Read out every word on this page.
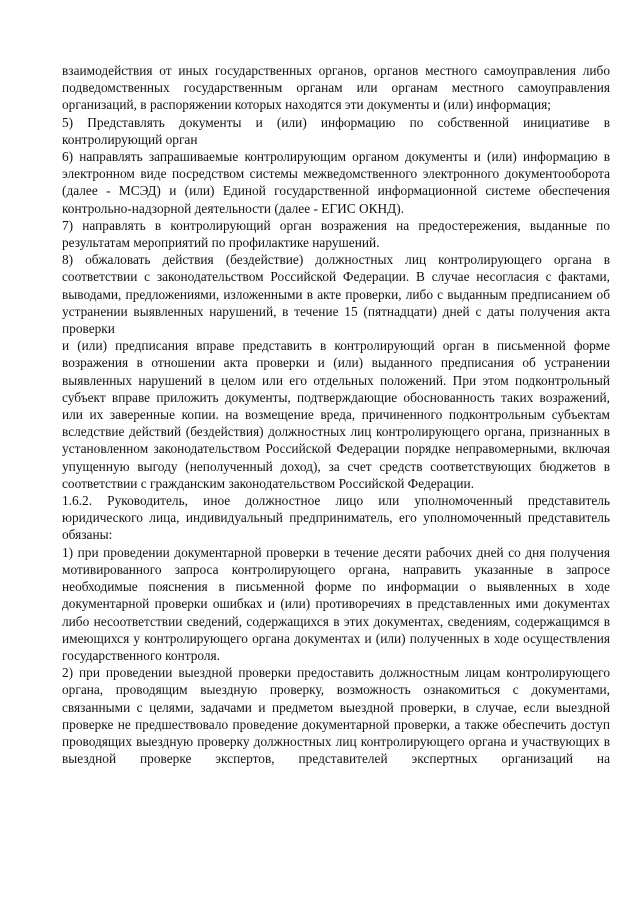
взаимодействия от иных государственных органов, органов местного самоуправления либо подведомственных государственным органам или органам местного самоуправления организаций, в распоряжении которых находятся эти документы и (или) информация;

5) Представлять документы и (или) информацию по собственной инициативе в контролирующий орган

6) направлять запрашиваемые контролирующим органом документы и (или) информацию в электронном виде посредством системы межведомственного электронного документооборота (далее - МСЭД) и (или) Единой государственной информационной системе обеспечения контрольно-надзорной деятельности (далее - ЕГИС ОКНД).

7) направлять в контролирующий орган возражения на предостережения, выданные по результатам мероприятий по профилактике нарушений.

8) обжаловать действия (бездействие) должностных лиц контролирующего органа в соответствии с законодательством Российской Федерации. В случае несогласия с фактами, выводами, предложениями, изложенными в акте проверки, либо с выданным предписанием об устранении выявленных нарушений, в течение 15 (пятнадцати) дней с даты получения акта проверки

и (или) предписания вправе представить в контролирующий орган в письменной форме возражения в отношении акта проверки и (или) выданного предписания об устранении выявленных нарушений в целом или его отдельных положений. При этом подконтрольный субъект вправе приложить документы, подтверждающие обоснованность таких возражений, или их заверенные копии. на возмещение вреда, причиненного подконтрольным субъектам вследствие действий (бездействия) должностных лиц контролирующего органа, признанных в установленном законодательством Российской Федерации порядке неправомерными, включая упущенную выгоду (неполученный доход), за счет средств соответствующих бюджетов в соответствии с гражданским законодательством Российской Федерации.

1.6.2. Руководитель, иное должностное лицо или уполномоченный представитель юридического лица, индивидуальный предприниматель, его уполномоченный представитель обязаны:

1) при проведении документарной проверки в течение десяти рабочих дней со дня получения мотивированного запроса контролирующего органа, направить указанные в запросе необходимые пояснения в письменной форме по информации о выявленных в ходе документарной проверки ошибках и (или) противоречиях в представленных ими документах либо несоответствии сведений, содержащихся в этих документах, сведениям, содержащимся в имеющихся у контролирующего органа документах и (или) полученных в ходе осуществления государственного контроля.

2) при проведении выездной проверки предоставить должностным лицам контролирующего органа, проводящим выездную проверку, возможность ознакомиться с документами, связанными с целями, задачами и предметом выездной проверки, в случае, если выездной проверке не предшествовало проведение документарной проверки, а также обеспечить доступ проводящих выездную проверку должностных лиц контролирующего органа и участвующих в выездной проверке экспертов, представителей экспертных организаций на
